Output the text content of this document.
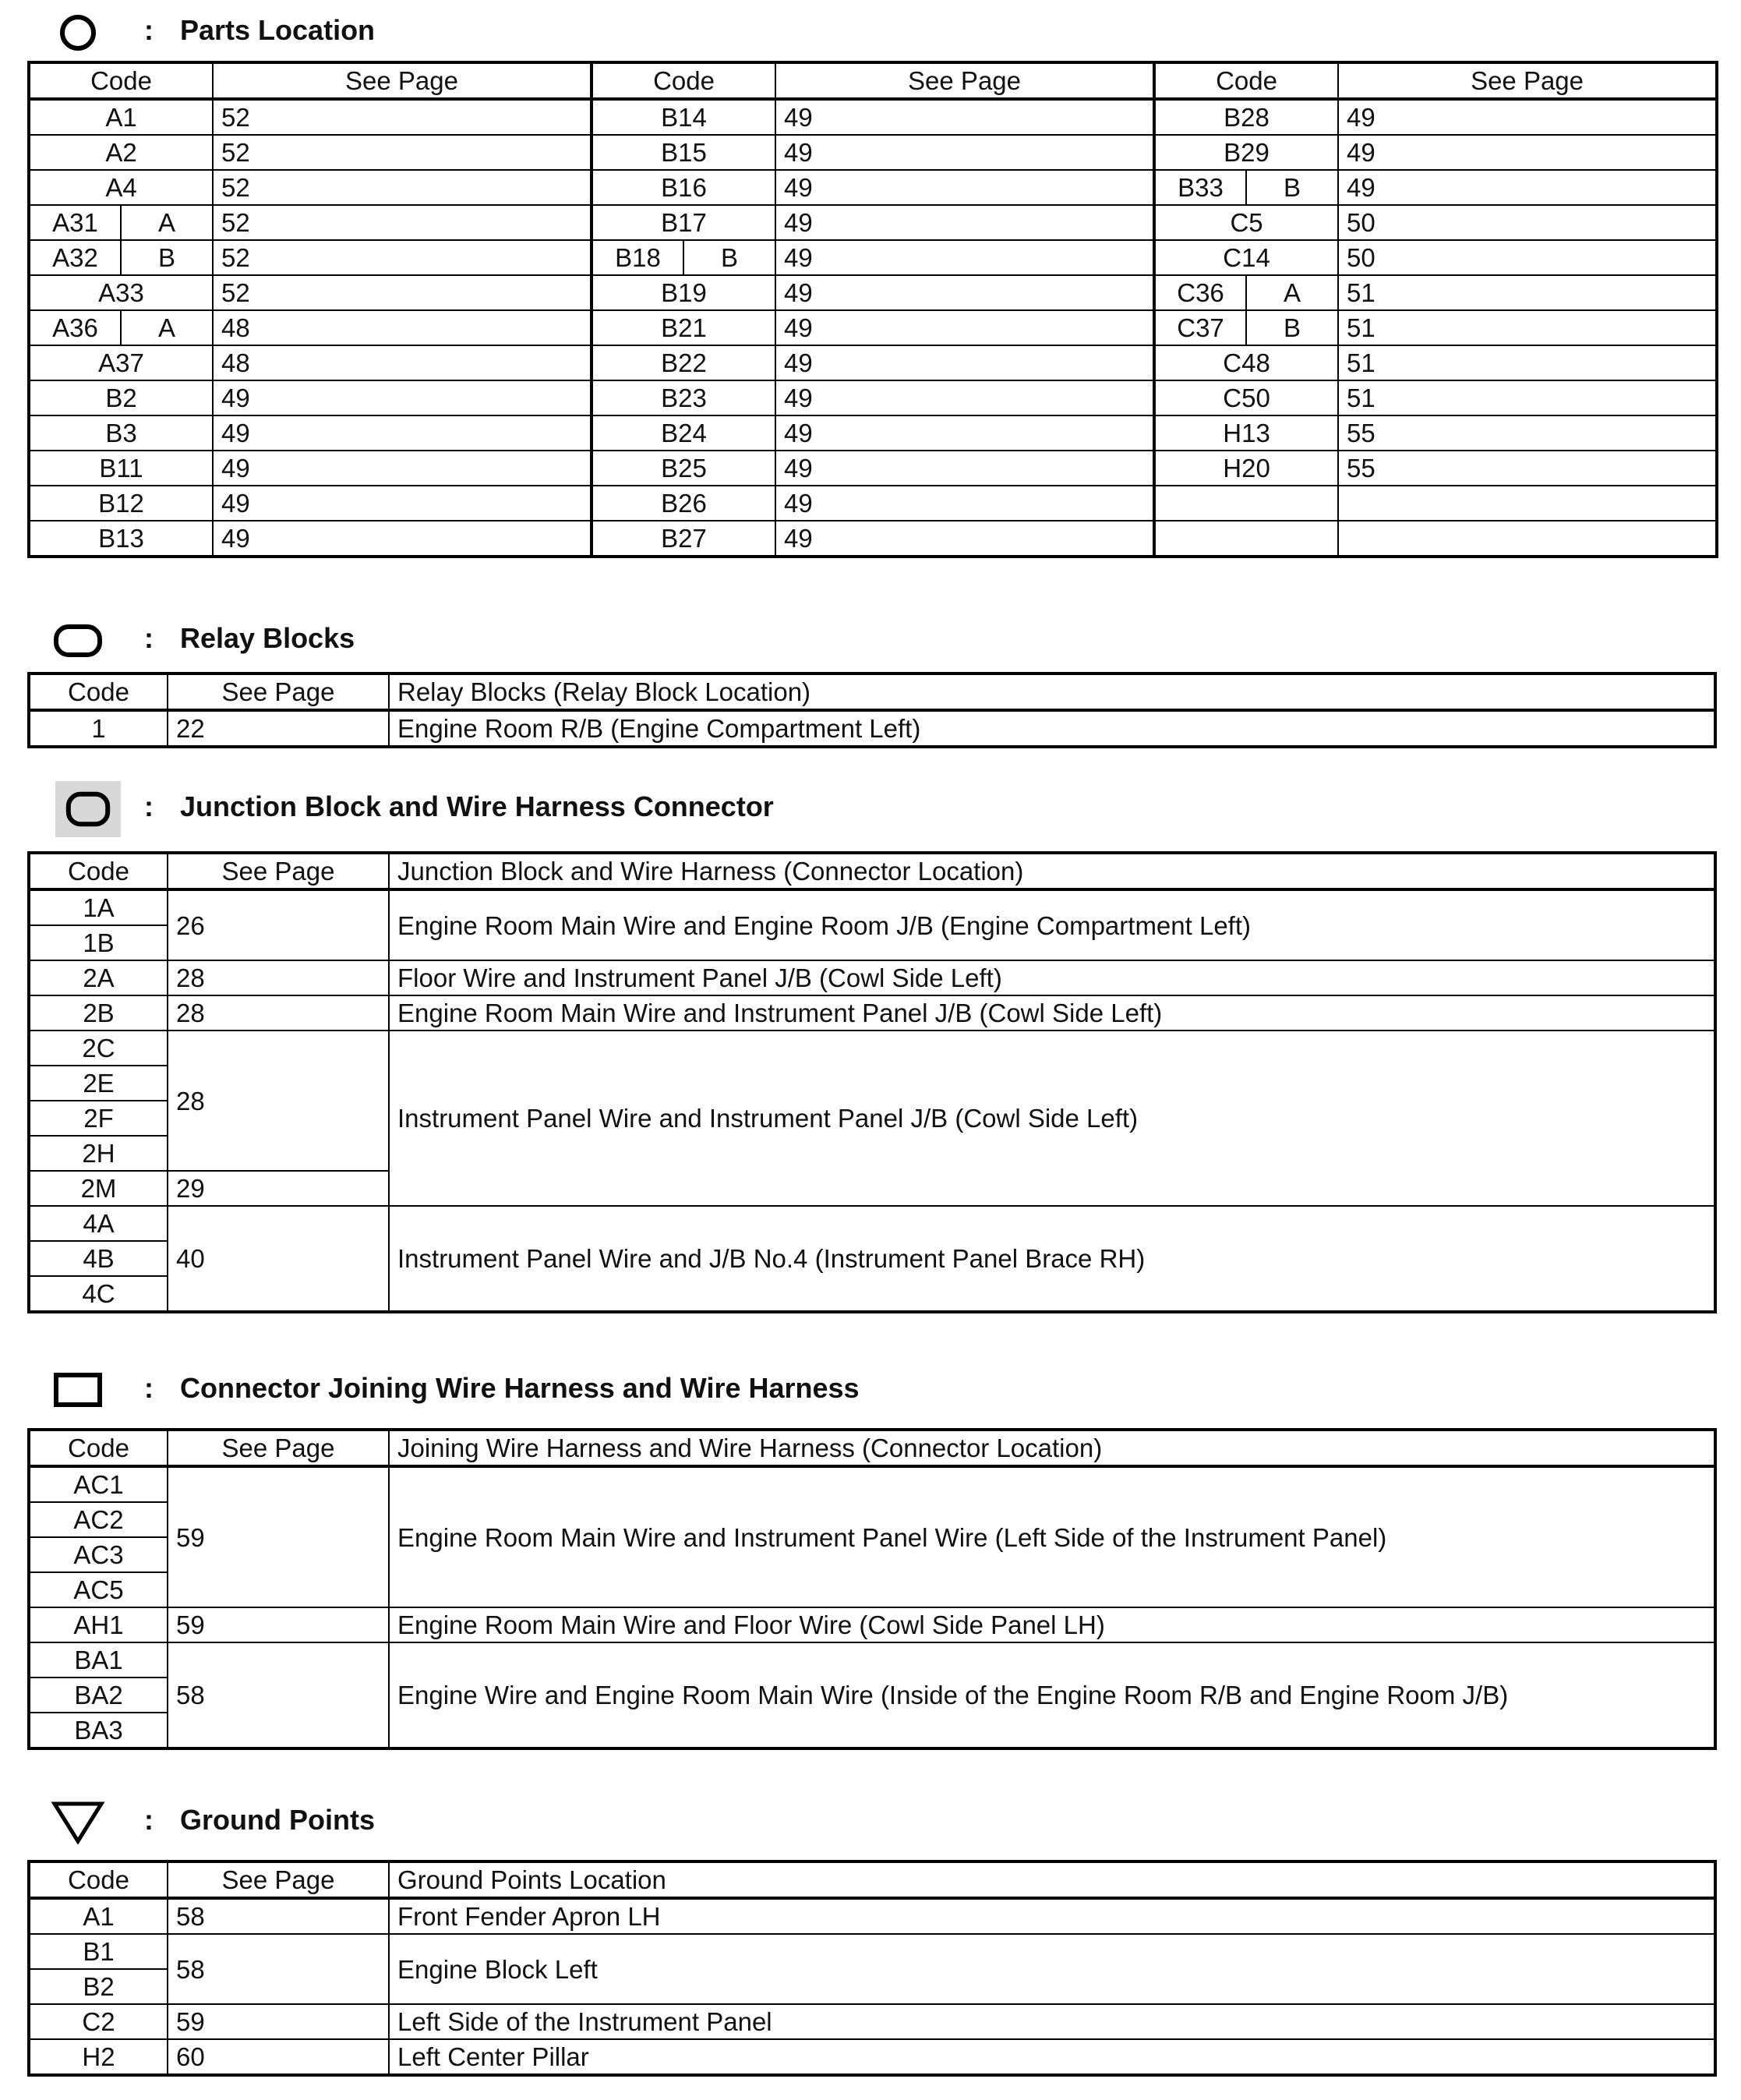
: Parts Location
Code		See Page	Code		See Page	Code		See Page
A1		52	B14		49	B28		49
A2		52	B15		49	B29		49
A4		52	B16		49	B33	B	49
A31	A	52	B17		49	C5		50
A32	B	52	B18	B	49	C14		50
A33		52	B19		49	C36	A	51
A36	A	48	B21		49	C37	B	51
A37		48	B22		49	C48		51
B2		49	B23		49	C50		51
B3		49	B24		49	H13		55
B11		49	B25		49	H20		55
B12		49	B26		49			
B13		49	B27		49			
: Relay Blocks
Code	See Page	Relay Blocks (Relay Block Location)
1	22	Engine Room R/B (Engine Compartment Left)
: Junction Block and Wire Harness Connector
Code	See Page	Junction Block and Wire Harness (Connector Location)
1A	26	Engine Room Main Wire and Engine Room J/B (Engine Compartment Left)
1B		
2A	28	Floor Wire and Instrument Panel J/B (Cowl Side Left)
2B	28	Engine Room Main Wire and Instrument Panel J/B (Cowl Side Left)
2C	28	Instrument Panel Wire and Instrument Panel J/B (Cowl Side Left)
2E		
2F		
2H		
2M	29	
4A	40	Instrument Panel Wire and J/B No.4 (Instrument Panel Brace RH)
4B		
4C		
: Connector Joining Wire Harness and Wire Harness
Code	See Page	Joining Wire Harness and Wire Harness (Connector Location)
AC1	59	Engine Room Main Wire and Instrument Panel Wire (Left Side of the Instrument Panel)
AC2		
AC3		
AC5		
AH1	59	Engine Room Main Wire and Floor Wire (Cowl Side Panel LH)
BA1	58	Engine Wire and Engine Room Main Wire (Inside of the Engine Room R/B and Engine Room J/B)
BA2		
BA3		
: Ground Points
Code	See Page	Ground Points Location
A1	58	Front Fender Apron LH
B1	58	Engine Block Left
B2		
C2	59	Left Side of the Instrument Panel
H2	60	Left Center Pillar
